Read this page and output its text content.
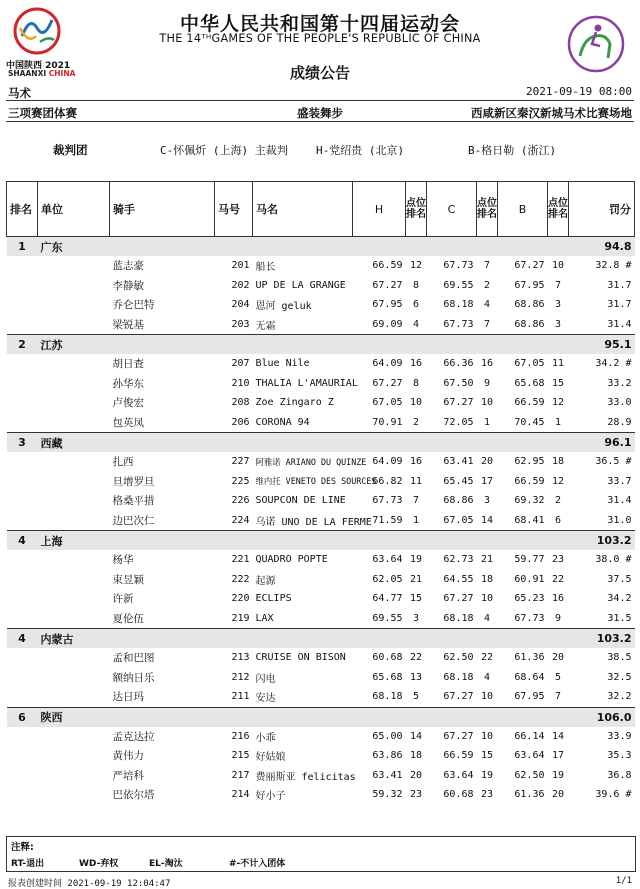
中国陕西 2021
SHAANXI CHINA
中华人民共和国第十四届运动会
THE 14ᵀᴴGAMES OF THE PEOPLE'S REPUBLIC OF CHINA
成绩公告
马术	2021-09-19 08:00
三项赛团体赛	盛装舞步	西咸新区秦汉新城马术比赛场地
裁判团	C-怀佩炘 (上海) 主裁判	H-党绍贵 (北京)	B-格日勒 (浙江)
排名	单位	骑手	马号	马名	H	点位排名	C	点位排名	B	点位排名	罚分
1	广东										94.8
		蓝志豪	201	船长	66.59	12	67.73	7	67.27	10	32.8 #
		李静敏	202	UP DE LA GRANGE	67.27	8	69.55	2	67.95	7	31.7
		乔仑巴特	204	恩河 geluk	67.95	6	68.18	4	68.86	3	31.7
		梁锐基	203	无霜	69.09	4	67.73	7	68.86	3	31.4
2	江苏										95.1
		胡日査	207	Blue Nile	64.09	16	66.36	16	67.05	11	34.2 #
		孙华东	210	THALIA L'AMAURIAL	67.27	8	67.50	9	65.68	15	33.2
		卢俊宏	208	Zoe Zingaro Z	67.05	10	67.27	10	66.59	12	33.0
		包英凤	206	CORONA 94	70.91	2	72.05	1	70.45	1	28.9
3	西藏										96.1
		扎西	227	阿雅诺 ARIANO DU QUINZE	64.09	16	63.41	20	62.95	18	36.5 #
		旦增罗旦	225	维内托 VENETO DES SOURCES	66.82	11	65.45	17	66.59	12	33.7
		格桑平措	226	SOUPCON DE LINE	67.73	7	68.86	3	69.32	2	31.4
		边巴次仁	224	乌诺 UNO DE LA FERME	71.59	1	67.05	14	68.41	6	31.0
4	上海										103.2
		杨华	221	QUADRO POPTE	63.64	19	62.73	21	59.77	23	38.0 #
		束昱颖	222	起源	62.05	21	64.55	18	60.91	22	37.5
		许新	220	ECLIPS	64.77	15	67.27	10	65.23	16	34.2
		夏伦伍	219	LAX	69.55	3	68.18	4	67.73	9	31.5
4	内蒙古										103.2
		孟和巴图	213	CRUISE ON BISON	60.68	22	62.50	22	61.36	20	38.5
		额纳日乐	212	闪电	65.68	13	68.18	4	68.64	5	32.5
		达日玛	211	安达	68.18	5	67.27	10	67.95	7	32.2
6	陕西										106.0
		孟克达拉	216	小乖	65.00	14	67.27	10	66.14	14	33.9
		黄伟力	215	好姑娘	63.86	18	66.59	15	63.64	17	35.3
		严培科	217	费丽斯亚 felicitas	63.41	20	63.64	19	62.50	19	36.8
		巴依尔塔	214	好小子	59.32	23	60.68	23	61.36	20	39.6 #
注释:
RT-退出	WD-弃权	EL-淘汰	#-不计入团体
报表创建时间 2021-09-19 12:04:47	1/1
